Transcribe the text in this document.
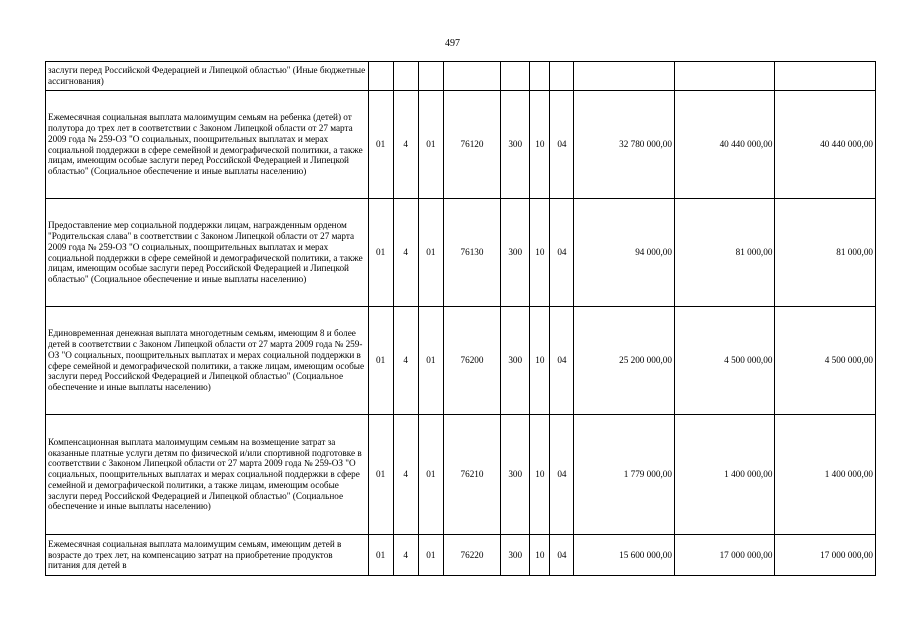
497
заслуги перед Российской Федерацией и Липецкой областью" (Иные бюджетные ассигнования)										
Ежемесячная социальная выплата малоимущим семьям на ребенка (детей) от полутора до трех лет в соответствии с Законом Липецкой области от 27 марта 2009 года № 259-ОЗ "О социальных, поощрительных выплатах и мерах социальной поддержки в сфере семейной и демографической политики, а также лицам, имеющим особые заслуги перед Российской Федерацией и Липецкой областью" (Социальное обеспечение и иные выплаты населению)	01	4	01	76120	300	10	04	32 780 000,00	40 440 000,00	40 440 000,00
Предоставление мер социальной поддержки лицам, награжденным орденом "Родительская слава" в соответствии с Законом Липецкой области от 27 марта 2009 года № 259-ОЗ "О социальных, поощрительных выплатах и мерах социальной поддержки в сфере семейной и демографической политики, а также лицам, имеющим особые заслуги перед Российской Федерацией и Липецкой областью" (Социальное обеспечение и иные выплаты населению)	01	4	01	76130	300	10	04	94 000,00	81 000,00	81 000,00
Единовременная денежная выплата многодетным семьям, имеющим 8 и более детей в соответствии с Законом Липецкой области от 27 марта 2009 года № 259-ОЗ "О социальных, поощрительных выплатах и мерах социальной поддержки в сфере семейной и демографической политики, а также лицам, имеющим особые заслуги перед Российской Федерацией и Липецкой областью" (Социальное обеспечение и иные выплаты населению)	01	4	01	76200	300	10	04	25 200 000,00	4 500 000,00	4 500 000,00
Компенсационная выплата малоимущим семьям на возмещение затрат за оказанные платные услуги детям по физической и/или спортивной подготовке в соответствии с Законом Липецкой области от 27 марта 2009 года № 259-ОЗ "О социальных, поощрительных выплатах и мерах социальной поддержки в сфере семейной и демографической политики, а также лицам, имеющим особые заслуги перед Российской Федерацией и Липецкой областью" (Социальное обеспечение и иные выплаты населению)	01	4	01	76210	300	10	04	1 779 000,00	1 400 000,00	1 400 000,00
Ежемесячная социальная выплата малоимущим семьям, имеющим детей в возрасте до трех лет, на компенсацию затрат на приобретение продуктов питания для детей в	01	4	01	76220	300	10	04	15 600 000,00	17 000 000,00	17 000 000,00
